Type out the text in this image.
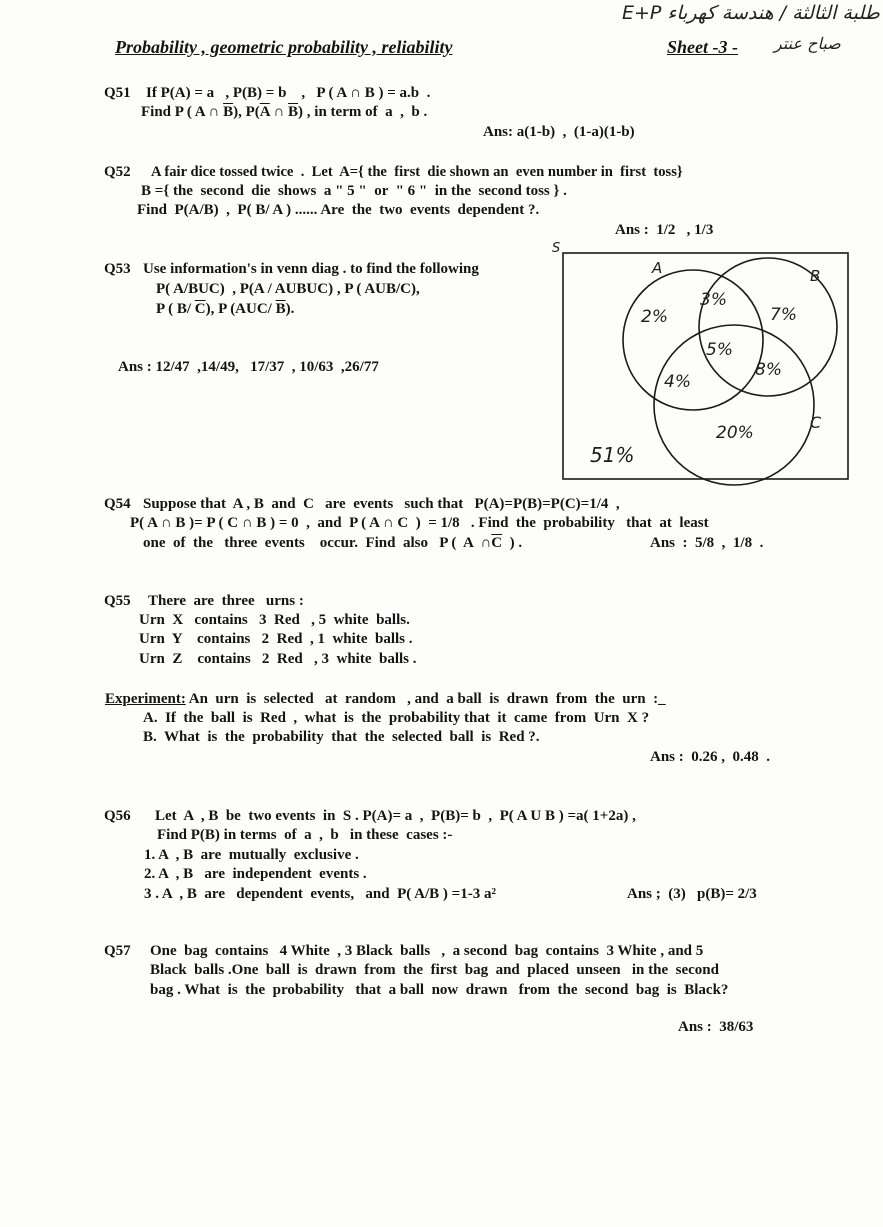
E+P طلبة الثالثة / هندسة كهرباء
Probability , geometric probability , reliability	Sheet -3 - صباح عنتر
Q51 If P(A) = a   , P(B) = b    ,   P ( A ∩ B ) = a.b  .
Find P ( A ∩ $\overline{B}$), $P(\overline{A}$ ∩ $\overline{B}$) , in term of  a  ,  b .
Ans: a(1-b)  ,  (1-a)(1-b)
Q52 A fair dice tossed twice  .  Let  A={ the  first  die shown an  even number in  first  toss}
B ={ the  second  die  shows  a " 5 "  or  " 6 "  in the  second toss } .
Find  P(A/B)  ,  P( B/ A ) ...... Are  the  two  events  dependent ?.
Ans :  1/2   , 1/3
Q53 Use information's in venn diag . to find the following
P( A/BUC)  , P(A / AUBUC) , P ( AUB/C),
P ( B/ $\overline{C}$), P (AUC/ $\overline{B}$).
Ans : 12/47  ,14/49,   17/37  , 10/63  ,26/77
S
A	B
C
2%
3%
7%
5%
4%
8%
20%
51%
Q54 Suppose that  A , B  and  C   are  events   such that   P(A)=P(B)=P(C)=1/4  ,
P( A ∩ B )= P ( C ∩ B ) = 0  ,  and  P ( A ∩ C  )  = 1/8   . Find  the  probability   that  at  least
one  of  the   three  events    occur.  Find  also   P (  A  $\cap\overline{C}$  ) .	Ans  :  5/8  ,  1/8  .
Q55 There  are  three   urns :
Urn  X   contains   3  Red   , 5  white  balls.
Urn  Y    contains   2  Red  , 1  white  balls .
Urn  Z    contains   2  Red   , 3  white  balls .
Experiment: An  urn  is  selected   at  random   , and  a ball  is  drawn  from  the  urn  :_
A.  If  the  ball  is  Red  ,  what  is  the  probability that  it  came  from  Urn  X ?
B.  What  is  the  probability  that  the  selected  ball  is  Red ?.
Ans :  0.26 ,  0.48  .
Q56 Let  A  , B  be  two events  in  S . P(A)= a  ,  P(B)= b  ,  P( A U B ) =a( 1+2a) ,
Find P(B) in terms  of  a  ,  b   in these  cases :-
1. A  , B  are  mutually  exclusive .
2. A  , B   are  independent  events .
3 . A  , B  are   dependent  events,   and  P( A/B ) =1-3 a²	Ans ;  (3)   p(B)= 2/3
Q57 One  bag  contains   4 White  , 3 Black  balls   ,  a second  bag  contains  3 White , and 5
Black  balls .One  ball  is  drawn  from  the  first  bag  and  placed  unseen   in the  second
bag . What  is  the  probability   that  a ball  now  drawn   from  the  second  bag  is  Black?
Ans :  38/63
